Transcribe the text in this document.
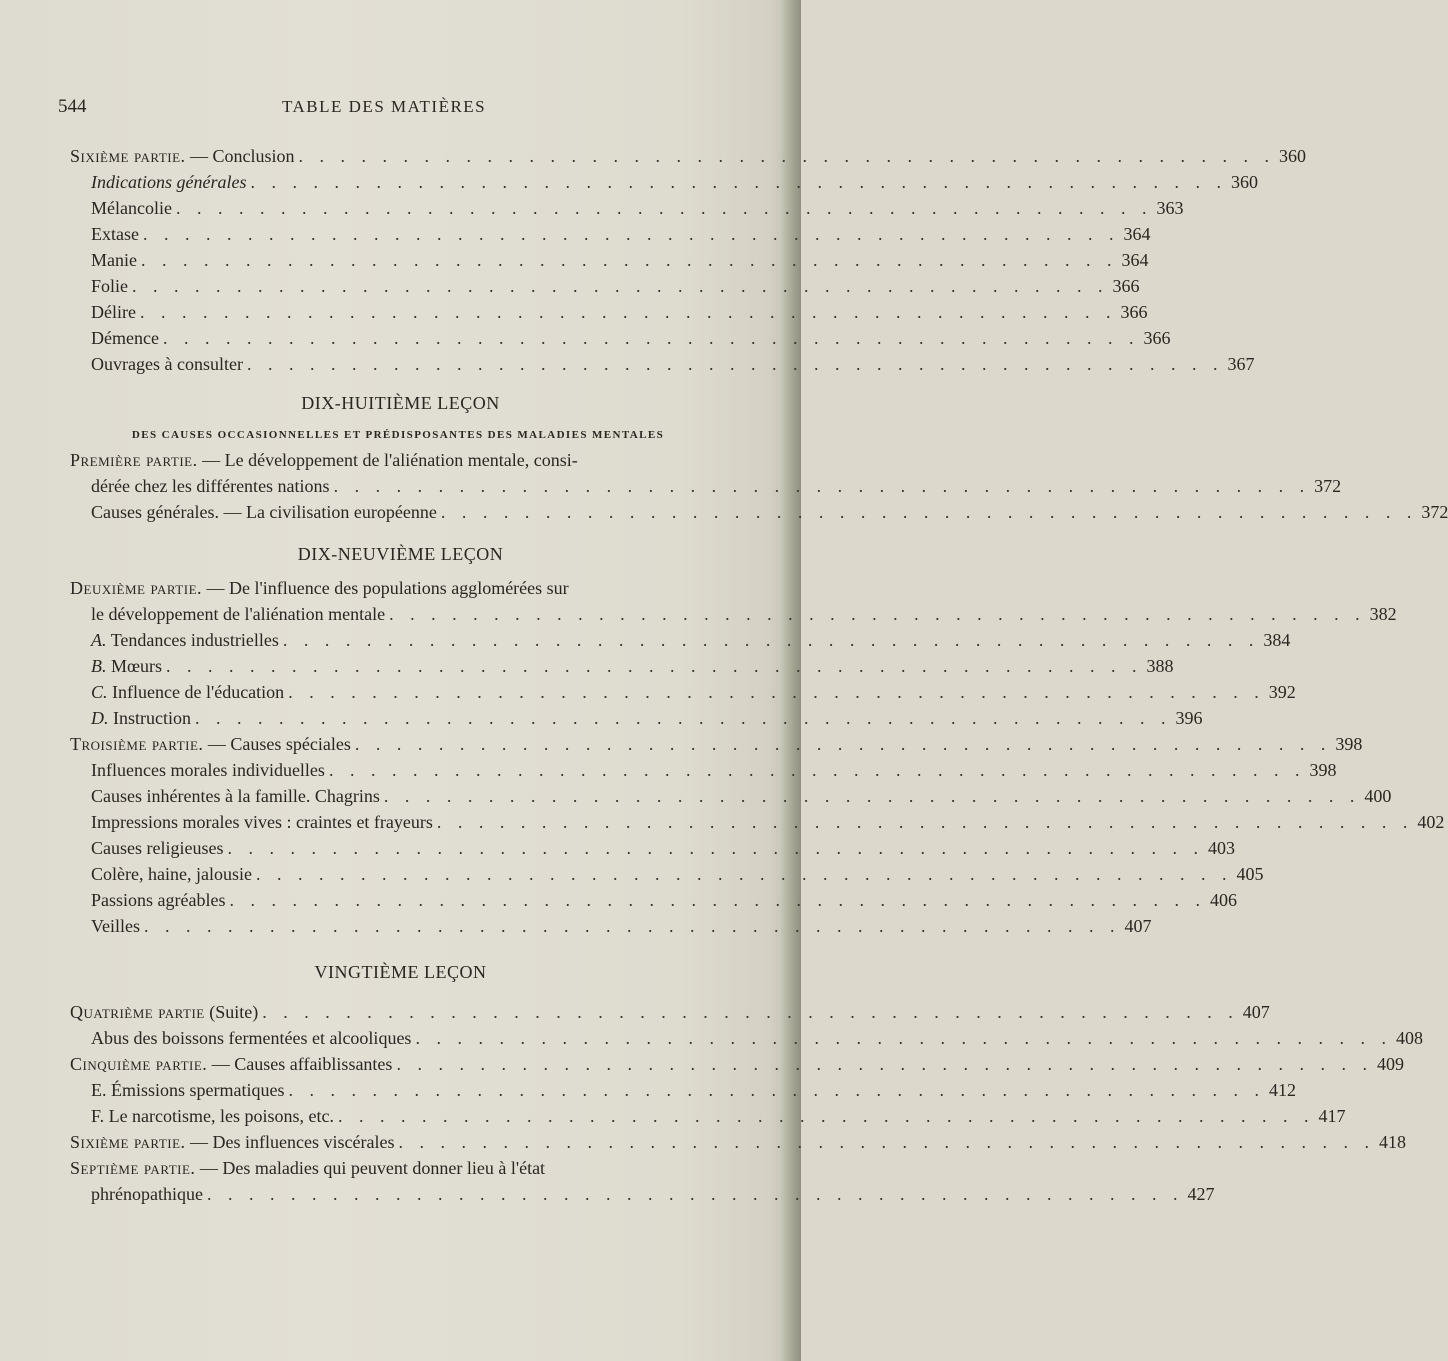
544	TABLE DES MATIÈRES
Sixième partie. — Conclusion . . . . . . . . . . . . . . . . . . . . . . . . . . . . . . . . . . . . . . . . . . . . . . . 360
Indications générales . . . . . . . . . . . . . . . . . . . . . . . . . . . . . . . . . . . . . . . . . . . . . . . 360
Mélancolie . . . . . . . . . . . . . . . . . . . . . . . . . . . . . . . . . . . . . . . . . . . . . . . 363
Extase . . . . . . . . . . . . . . . . . . . . . . . . . . . . . . . . . . . . . . . . . . . . . . . 364
Manie . . . . . . . . . . . . . . . . . . . . . . . . . . . . . . . . . . . . . . . . . . . . . . . 364
Folie . . . . . . . . . . . . . . . . . . . . . . . . . . . . . . . . . . . . . . . . . . . . . . . 366
Délire . . . . . . . . . . . . . . . . . . . . . . . . . . . . . . . . . . . . . . . . . . . . . . . 366
Démence . . . . . . . . . . . . . . . . . . . . . . . . . . . . . . . . . . . . . . . . . . . . . . . 366
Ouvrages à consulter . . . . . . . . . . . . . . . . . . . . . . . . . . . . . . . . . . . . . . . . . . . . . . . 367
DIX-HUITIÈME LEÇON
DES CAUSES OCCASIONNELLES ET PRÉDISPOSANTES DES MALADIES MENTALES
Première partie. — Le développement de l'aliénation mentale, consi-
dérée chez les différentes nations . . . . . . . . . . . . . . . . . . . . . . . . . . . . . . . . . . . . . . . . . . . . . . . 372
Causes générales. — La civilisation européenne . . . . . . . . . . . . . . . . . . . . . . . . . . . . . . . . . . . . . . . . . . . . . . . 372
DIX-NEUVIÈME LEÇON
Deuxième partie. — De l'influence des populations agglomérées sur
le développement de l'aliénation mentale . . . . . . . . . . . . . . . . . . . . . . . . . . . . . . . . . . . . . . . . . . . . . . . 382
A. Tendances industrielles . . . . . . . . . . . . . . . . . . . . . . . . . . . . . . . . . . . . . . . . . . . . . . . 384
B. Mœurs . . . . . . . . . . . . . . . . . . . . . . . . . . . . . . . . . . . . . . . . . . . . . . . 388
C. Influence de l'éducation . . . . . . . . . . . . . . . . . . . . . . . . . . . . . . . . . . . . . . . . . . . . . . . 392
D. Instruction . . . . . . . . . . . . . . . . . . . . . . . . . . . . . . . . . . . . . . . . . . . . . . . 396
Troisième partie. — Causes spéciales . . . . . . . . . . . . . . . . . . . . . . . . . . . . . . . . . . . . . . . . . . . . . . . 398
Influences morales individuelles . . . . . . . . . . . . . . . . . . . . . . . . . . . . . . . . . . . . . . . . . . . . . . . 398
Causes inhérentes à la famille. Chagrins . . . . . . . . . . . . . . . . . . . . . . . . . . . . . . . . . . . . . . . . . . . . . . . 400
Impressions morales vives : craintes et frayeurs . . . . . . . . . . . . . . . . . . . . . . . . . . . . . . . . . . . . . . . . . . . . . . . 402
Causes religieuses . . . . . . . . . . . . . . . . . . . . . . . . . . . . . . . . . . . . . . . . . . . . . . . 403
Colère, haine, jalousie . . . . . . . . . . . . . . . . . . . . . . . . . . . . . . . . . . . . . . . . . . . . . . . 405
Passions agréables . . . . . . . . . . . . . . . . . . . . . . . . . . . . . . . . . . . . . . . . . . . . . . . 406
Veilles . . . . . . . . . . . . . . . . . . . . . . . . . . . . . . . . . . . . . . . . . . . . . . . 407
VINGTIÈME LEÇON
Quatrième partie (Suite) . . . . . . . . . . . . . . . . . . . . . . . . . . . . . . . . . . . . . . . . . . . . . . . 407
Abus des boissons fermentées et alcooliques . . . . . . . . . . . . . . . . . . . . . . . . . . . . . . . . . . . . . . . . . . . . . . . 408
Cinquième partie. — Causes affaiblissantes . . . . . . . . . . . . . . . . . . . . . . . . . . . . . . . . . . . . . . . . . . . . . . . 409
E. Émissions spermatiques . . . . . . . . . . . . . . . . . . . . . . . . . . . . . . . . . . . . . . . . . . . . . . . 412
F. Le narcotisme, les poisons, etc. . . . . . . . . . . . . . . . . . . . . . . . . . . . . . . . . . . . . . . . . . . . . . . . 417
Sixième partie. — Des influences viscérales . . . . . . . . . . . . . . . . . . . . . . . . . . . . . . . . . . . . . . . . . . . . . . . 418
Septième partie. — Des maladies qui peuvent donner lieu à l'état
phrénopathique . . . . . . . . . . . . . . . . . . . . . . . . . . . . . . . . . . . . . . . . . . . . . . . 427
